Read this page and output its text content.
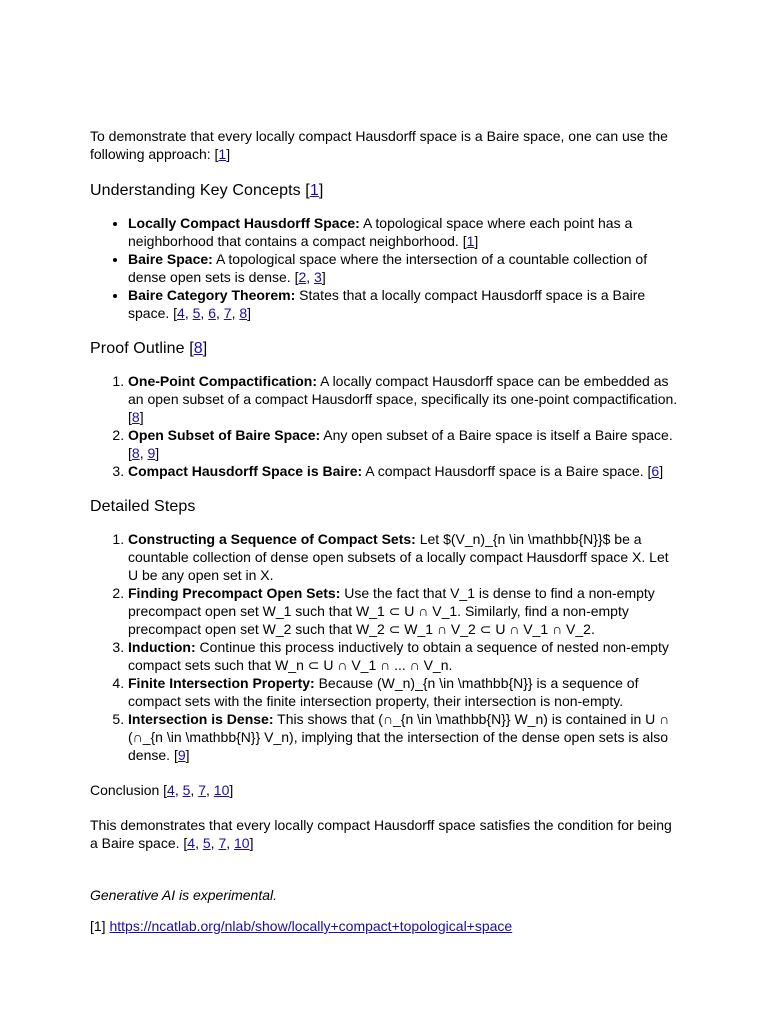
To demonstrate that every locally compact Hausdorff space is a Baire space, one can use the following approach: [1]

Understanding Key Concepts [1]
• Locally Compact Hausdorff Space: A topological space where each point has a neighborhood that contains a compact neighborhood. [1]
• Baire Space: A topological space where the intersection of a countable collection of dense open sets is dense. [2, 3]
• Baire Category Theorem: States that a locally compact Hausdorff space is a Baire space. [4, 5, 6, 7, 8]
Proof Outline [8]
1. One-Point Compactification: A locally compact Hausdorff space can be embedded as an open subset of a compact Hausdorff space, specifically its one-point compactification. [8]
2. Open Subset of Baire Space: Any open subset of a Baire space is itself a Baire space. [8, 9]
3. Compact Hausdorff Space is Baire: A compact Hausdorff space is a Baire space. [6]
Detailed Steps
1. Constructing a Sequence of Compact Sets: Let $(V_n)_{n \in \mathbb{N}}$ be a countable collection of dense open subsets of a locally compact Hausdorff space X. Let U be any open set in X.
2. Finding Precompact Open Sets: Use the fact that V_1 is dense to find a non-empty precompact open set W_1 such that W_1 ⊂ U ∩ V_1. Similarly, find a non-empty precompact open set W_2 such that W_2 ⊂ W_1 ∩ V_2 ⊂ U ∩ V_1 ∩ V_2.
3. Induction: Continue this process inductively to obtain a sequence of nested non-empty compact sets such that W_n ⊂ U ∩ V_1 ∩ ... ∩ V_n.
4. Finite Intersection Property: Because (W_n)_{n \in \mathbb{N}} is a sequence of compact sets with the finite intersection property, their intersection is non-empty.
5. Intersection is Dense: This shows that (∩_{n \in \mathbb{N}} W_n) is contained in U ∩ (∩_{n \in \mathbb{N}} V_n), implying that the intersection of the dense open sets is also dense. [9]

Conclusion [4, 5, 7, 10]

This demonstrates that every locally compact Hausdorff space satisfies the condition for being a Baire space. [4, 5, 7, 10]

Generative AI is experimental.

[1] https://ncatlab.org/nlab/show/locally+compact+topological+space
